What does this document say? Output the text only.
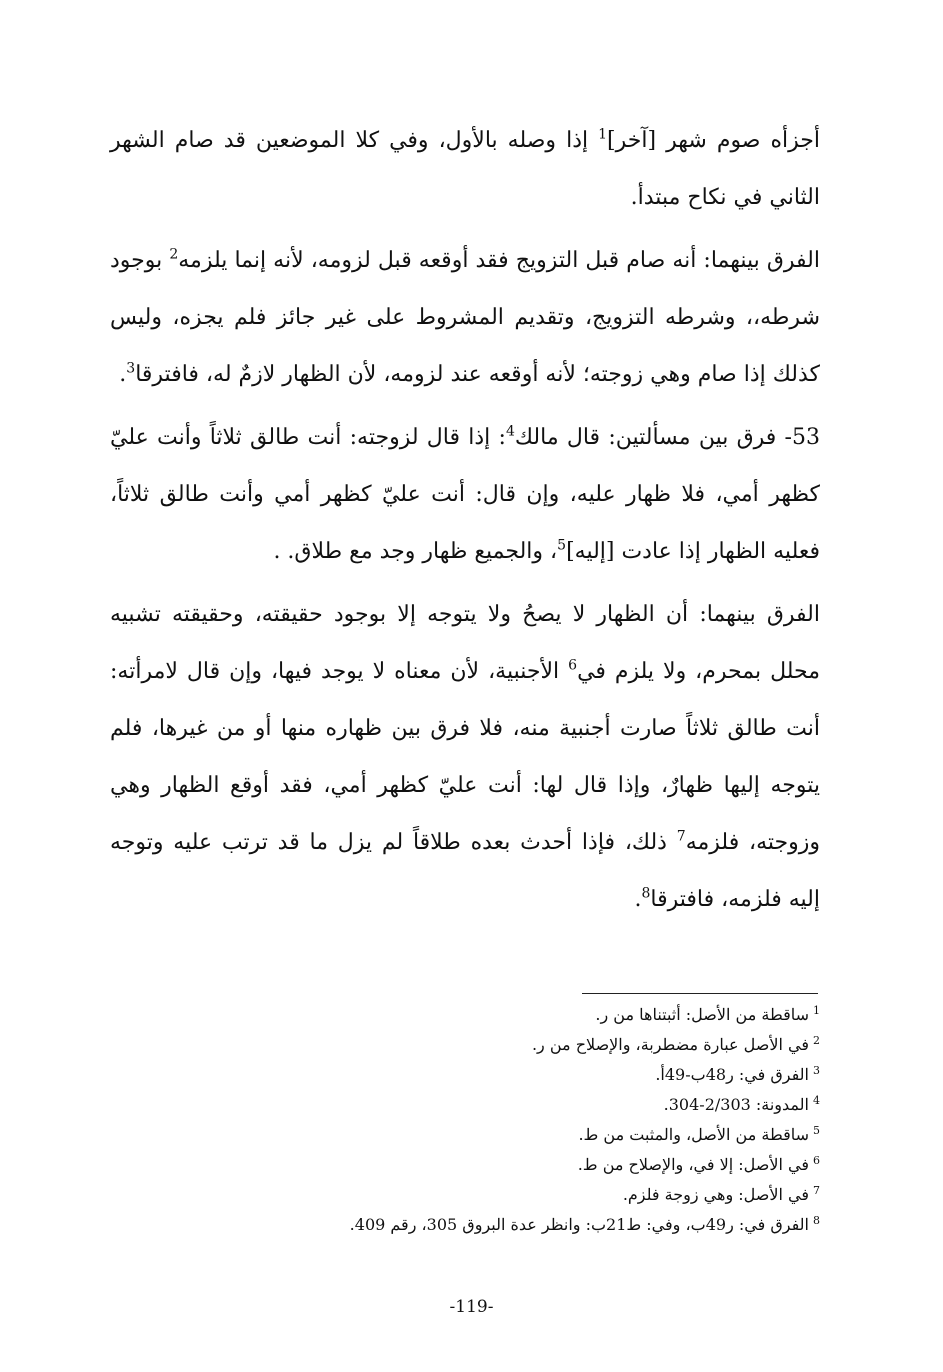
أجزأه صوم شهر [آخر]$^1$ إذا وصله بالأول، وفي كلا الموضعين قد صام الشهر الثاني في نكاح مبتدأ.

الفرق بينهما: أنه صام قبل التزويج فقد أوقعه قبل لزومه، لأنه إنما يلزمه$^2$ بوجود شرطه،، وشرطه التزويج، وتقديم المشروط على غير جائز فلم يجزه، وليس كذلك إذا صام وهي زوجته؛ لأنه أوقعه عند لزومه، لأن الظهار لازمٌ له، فافترقا$^3$.

53- فرق بين مسألتين: قال مالك$^4$: إذا قال لزوجته: أنت طالق ثلاثاً وأنت عليّ كظهر أمي، فلا ظهار عليه، وإن قال: أنت عليّ كظهر أمي وأنت طالق ثلاثاً، فعليه الظهار إذا عادت [إليه]$^5$، والجميع ظهار وجد مع طلاق. .

الفرق بينهما: أن الظهار لا يصحُ ولا يتوجه إلا بوجود حقيقته، وحقيقته تشبيه محلل بمحرم، ولا يلزم في$^6$ الأجنبية، لأن معناه لا يوجد فيها، وإن قال لامرأته: أنت طالق ثلاثاً صارت أجنبية منه، فلا فرق بين ظهاره منها أو من غيرها، فلم يتوجه إليها ظهارٌ، وإذا قال لها: أنت عليّ كظهر أمي، فقد أوقع الظهار وهي وزوجته، فلزمه$^7$ ذلك، فإذا أحدث بعده طلاقاً لم يزل ما قد ترتب عليه وتوجه إليه فلزمه، فافترقا$^8$.

$^1$ساقطة من الأصل: أثبتناها من ر.
$^2$في الأصل عبارة مضطربة، والإصلاح من ر.
$^3$الفرق في: ر48ب-49أ.
$^4$المدونة: 2/303-304.
$^5$ساقطة من الأصل، والمثبت من ط.
$^6$في الأصل: إلا في، والإصلاح من ط.
$^7$في الأصل: وهي زوجة فلزم.
$^8$الفرق في: ر49ب، وفي: ط21ب: وانظر عدة البروق 305، رقم 409.
-119-
